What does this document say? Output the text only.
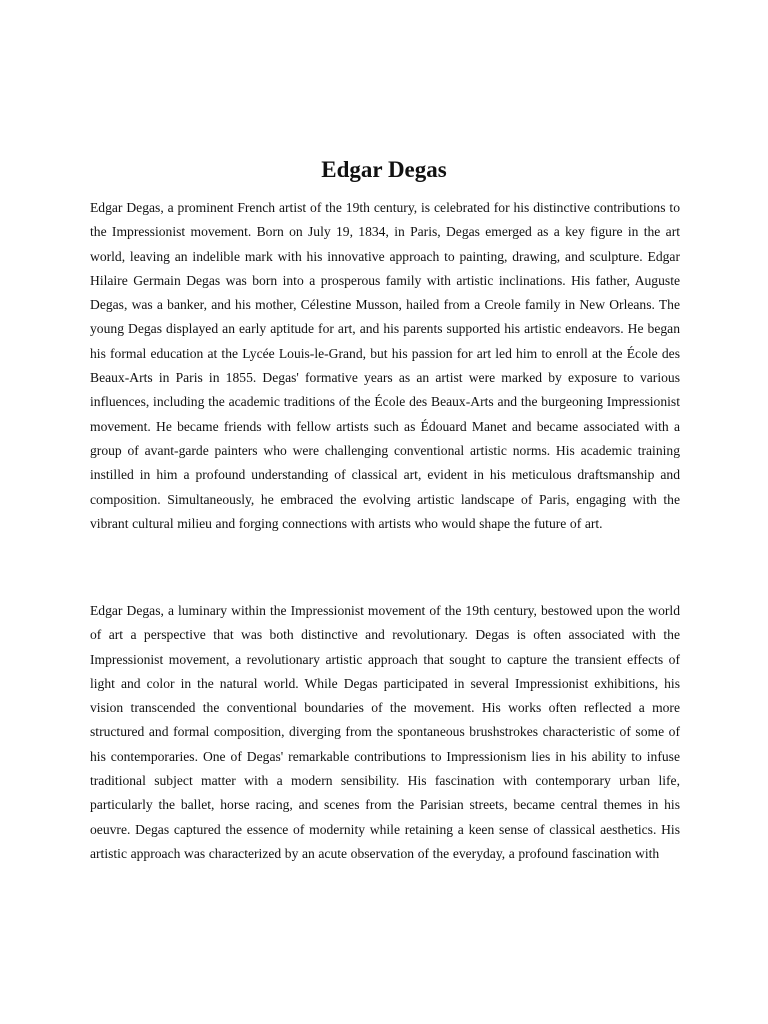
Edgar Degas

Edgar Degas, a prominent French artist of the 19th century, is celebrated for his distinctive contributions to the Impressionist movement. Born on July 19, 1834, in Paris, Degas emerged as a key figure in the art world, leaving an indelible mark with his innovative approach to painting, drawing, and sculpture. Edgar Hilaire Germain Degas was born into a prosperous family with artistic inclinations. His father, Auguste Degas, was a banker, and his mother, Célestine Musson, hailed from a Creole family in New Orleans. The young Degas displayed an early aptitude for art, and his parents supported his artistic endeavors. He began his formal education at the Lycée Louis-le-Grand, but his passion for art led him to enroll at the École des Beaux-Arts in Paris in 1855. Degas' formative years as an artist were marked by exposure to various influences, including the academic traditions of the École des Beaux-Arts and the burgeoning Impressionist movement. He became friends with fellow artists such as Édouard Manet and became associated with a group of avant-garde painters who were challenging conventional artistic norms. His academic training instilled in him a profound understanding of classical art, evident in his meticulous draftsmanship and composition. Simultaneously, he embraced the evolving artistic landscape of Paris, engaging with the vibrant cultural milieu and forging connections with artists who would shape the future of art.

Edgar Degas, a luminary within the Impressionist movement of the 19th century, bestowed upon the world of art a perspective that was both distinctive and revolutionary. Degas is often associated with the Impressionist movement, a revolutionary artistic approach that sought to capture the transient effects of light and color in the natural world. While Degas participated in several Impressionist exhibitions, his vision transcended the conventional boundaries of the movement. His works often reflected a more structured and formal composition, diverging from the spontaneous brushstrokes characteristic of some of his contemporaries. One of Degas' remarkable contributions to Impressionism lies in his ability to infuse traditional subject matter with a modern sensibility. His fascination with contemporary urban life, particularly the ballet, horse racing, and scenes from the Parisian streets, became central themes in his oeuvre. Degas captured the essence of modernity while retaining a keen sense of classical aesthetics. His artistic approach was characterized by an acute observation of the everyday, a profound fascination with
